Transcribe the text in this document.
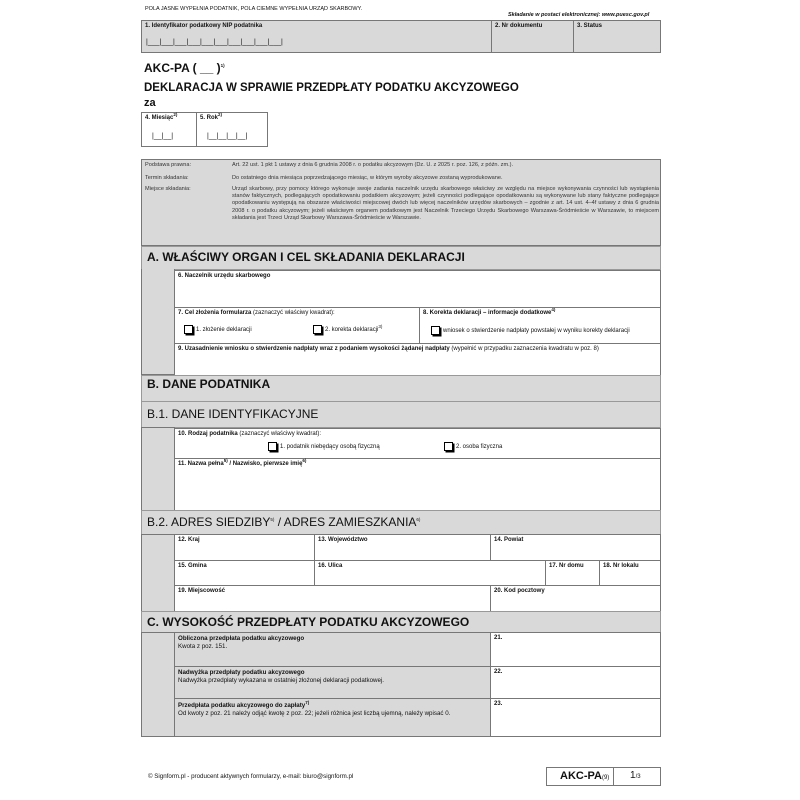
POLA JASNE WYPEŁNIA PODATNIK, POLA CIEMNE WYPEŁNIA URZĄD SKARBOWY.
Składanie w postaci elektronicznej: www.puesc.gov.pl
1. Identyfikator podatkowy NIP podatnika
|___|___|___|___|___|___|___|___|___|___|
2. Nr dokumentu	3. Status
AKC-PA ( __ )$^{1)}$
DEKLARACJA W SPRAWIE PRZEDPŁATY PODATKU AKCYZOWEGO
za
4. Miesiąc$^{2)}$
|__|__|
5. Rok$^{2)}$
|__|__|__|__|
Podstawa prawna:	Art. 22 ust. 1 pkt 1 ustawy z dnia 6 grudnia 2008 r. o podatku akcyzowym (Dz. U. z 2025 r. poz. 126, z późn. zm.).
Termin składania:	Do ostatniego dnia miesiąca poprzedzającego miesiąc, w którym wyroby akcyzowe zostaną wyprodukowane.
Miejsce składania:	Urząd skarbowy, przy pomocy którego wykonuje swoje zadania naczelnik urzędu skarbowego właściwy ze względu na miejsce wykonywania czynności lub wystąpienia stanów faktycznych, podlegających opodatkowaniu podatkiem akcyzowym; jeżeli czynności podlegające opodatkowaniu są wykonywane lub stany faktyczne podlegające opodatkowaniu występują na obszarze właściwości miejscowej dwóch lub więcej naczelników urzędów skarbowych – zgodnie z art. 14 ust. 4–4f ustawy z dnia 6 grudnia 2008 r. o podatku akcyzowym; jeżeli właściwym organem podatkowym jest Naczelnik Trzeciego Urzędu Skarbowego Warszawa-Śródmieście w Warszawie, to miejscem składania jest Trzeci Urząd Skarbowy Warszawa-Śródmieście w Warszawie.
A. WŁAŚCIWY ORGAN I CEL SKŁADANIA DEKLARACJI
6. Naczelnik urzędu skarbowego
7. Cel złożenia formularza (zaznaczyć właściwy kwadrat):
1. złożenie deklaracji	2. korekta deklaracji$^{3)}$
8. Korekta deklaracji – informacje dodatkowe$^{4)}$
wniosek o stwierdzenie nadpłaty powstałej w wyniku korekty deklaracji
9. Uzasadnienie wniosku o stwierdzenie nadpłaty wraz z podaniem wysokości żądanej nadpłaty (wypełnić w przypadku zaznaczenia kwadratu w poz. 8)
B. DANE PODATNIKA
B.1. DANE IDENTYFIKACYJNE
10. Rodzaj podatnika (zaznaczyć właściwy kwadrat):
1. podatnik niebędący osobą fizyczną	2. osoba fizyczna
11. Nazwa pełna$^{5)}$ / Nazwisko, pierwsze imię$^{6)}$
B.2. ADRES SIEDZIBY$^{5)}$ / ADRES ZAMIESZKANIA$^{6)}$
12. Kraj	13. Województwo	14. Powiat
15. Gmina	16. Ulica	17. Nr domu	18. Nr lokalu
19. Miejscowość	20. Kod pocztowy
C. WYSOKOŚĆ PRZEDPŁATY PODATKU AKCYZOWEGO
Obliczona przedpłata podatku akcyzowego
Kwota z poz. 151.
21.
Nadwyżka przedpłaty podatku akcyzowego
Nadwyżka przedpłaty wykazana w ostatniej złożonej deklaracji podatkowej.
22.
Przedpłata podatku akcyzowego do zapłaty$^{7)}$
Od kwoty z poz. 21 należy odjąć kwotę z poz. 22; jeżeli różnica jest liczbą ujemną, należy wpisać 0.
23.
© Signform.pl - producent aktywnych formularzy, e-mail: biuro@signform.pl	AKC-PA(9) 1/3
